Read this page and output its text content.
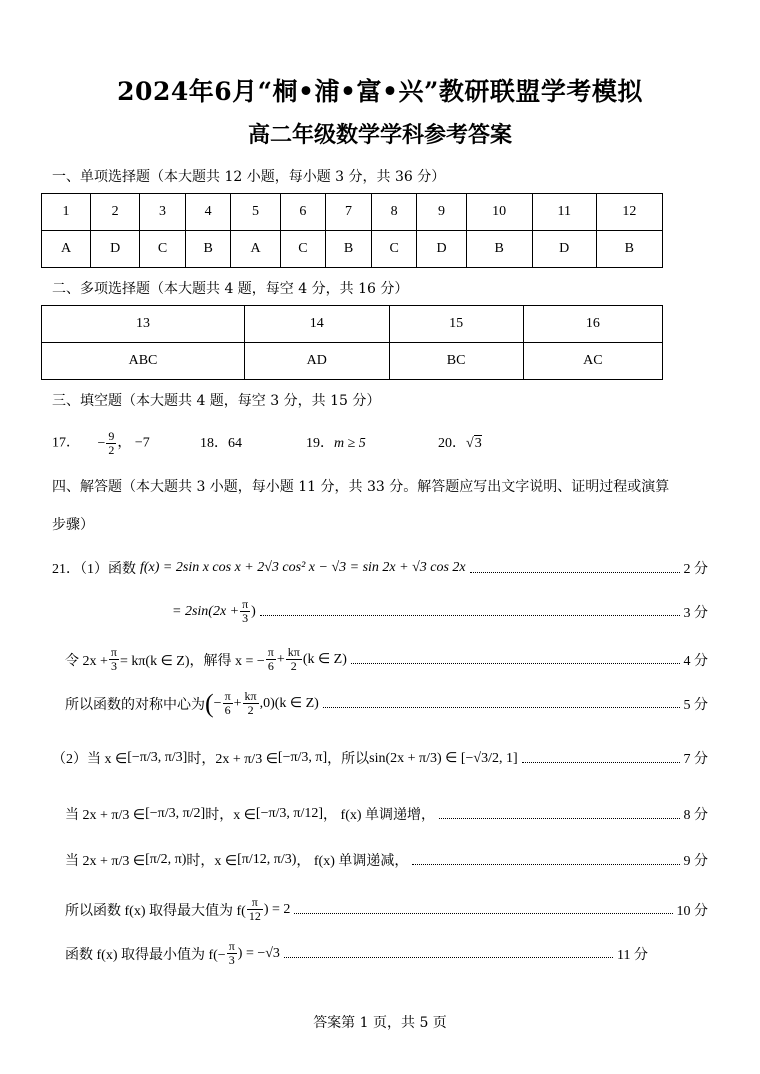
2024年6月“桐•浦•富•兴”教研联盟学考模拟
高二年级数学学科参考答案
一、单项选择题（本大题共 12 小题，每小题 3 分，共 36 分）
1	2	3	4	5	6	7	8	9	10	11	12
A	D	C	B	A	C	B	C	D	B	D	B
二、多项选择题（本大题共 4 题，每空 4 分，共 16 分）
13	14	15	16
ABC	AD	BC	AC
三、填空题（本大题共 4 题，每空 3 分，共 15 分）
17． − $\frac{9}{2}$ ， −7	18．64	19．m ≥ 5	20．√3
四、解答题（本大题共 3 小题，每小题 11 分，共 33 分。解答题应写出文字说明、证明过程或演算
步骤）
21．（1）函数 f(x) = 2sin x cos x + 2√3 cos² x − √3 = sin 2x + √3 cos 2x	2 分
= $2\sin(2x + \frac{\pi}{3}$ )	3 分
令 $2x + \frac{\pi}{3} = k\pi(k$ ∈ Z)，解得 x = − $\frac{\pi}{6} + \frac{k\pi}{2} (k$ ∈ Z)	4 分
所以函数的对称中心为 ( − $\frac{\pi}{6} + \frac{k\pi}{2} ,0)(k$ ∈ Z)	5 分
（2）当 x ∈ [−π/3, π/3] 时，2x + π/3 ∈ [−π/3, π] ，所以 sin(2x + π/3) ∈ [−√3/2, 1]	7 分
当 2x + π/3 ∈ [−π/3, π/2] 时，x ∈ [−π/3, π/12] ， f(x) 单调递增，	8 分
当 2x + π/3 ∈ [π/2, π) 时，x ∈ [π/12, π/3) ， f(x) 单调递减，	9 分
所以函数 f(x) 取得最大值为 $f( \frac{\pi}{12}$ ) = 2	10 分
函数 f(x) 取得最小值为 $f(- \frac{\pi}{3}$ ) = −√3	11 分
答案第 1 页，共 5 页
